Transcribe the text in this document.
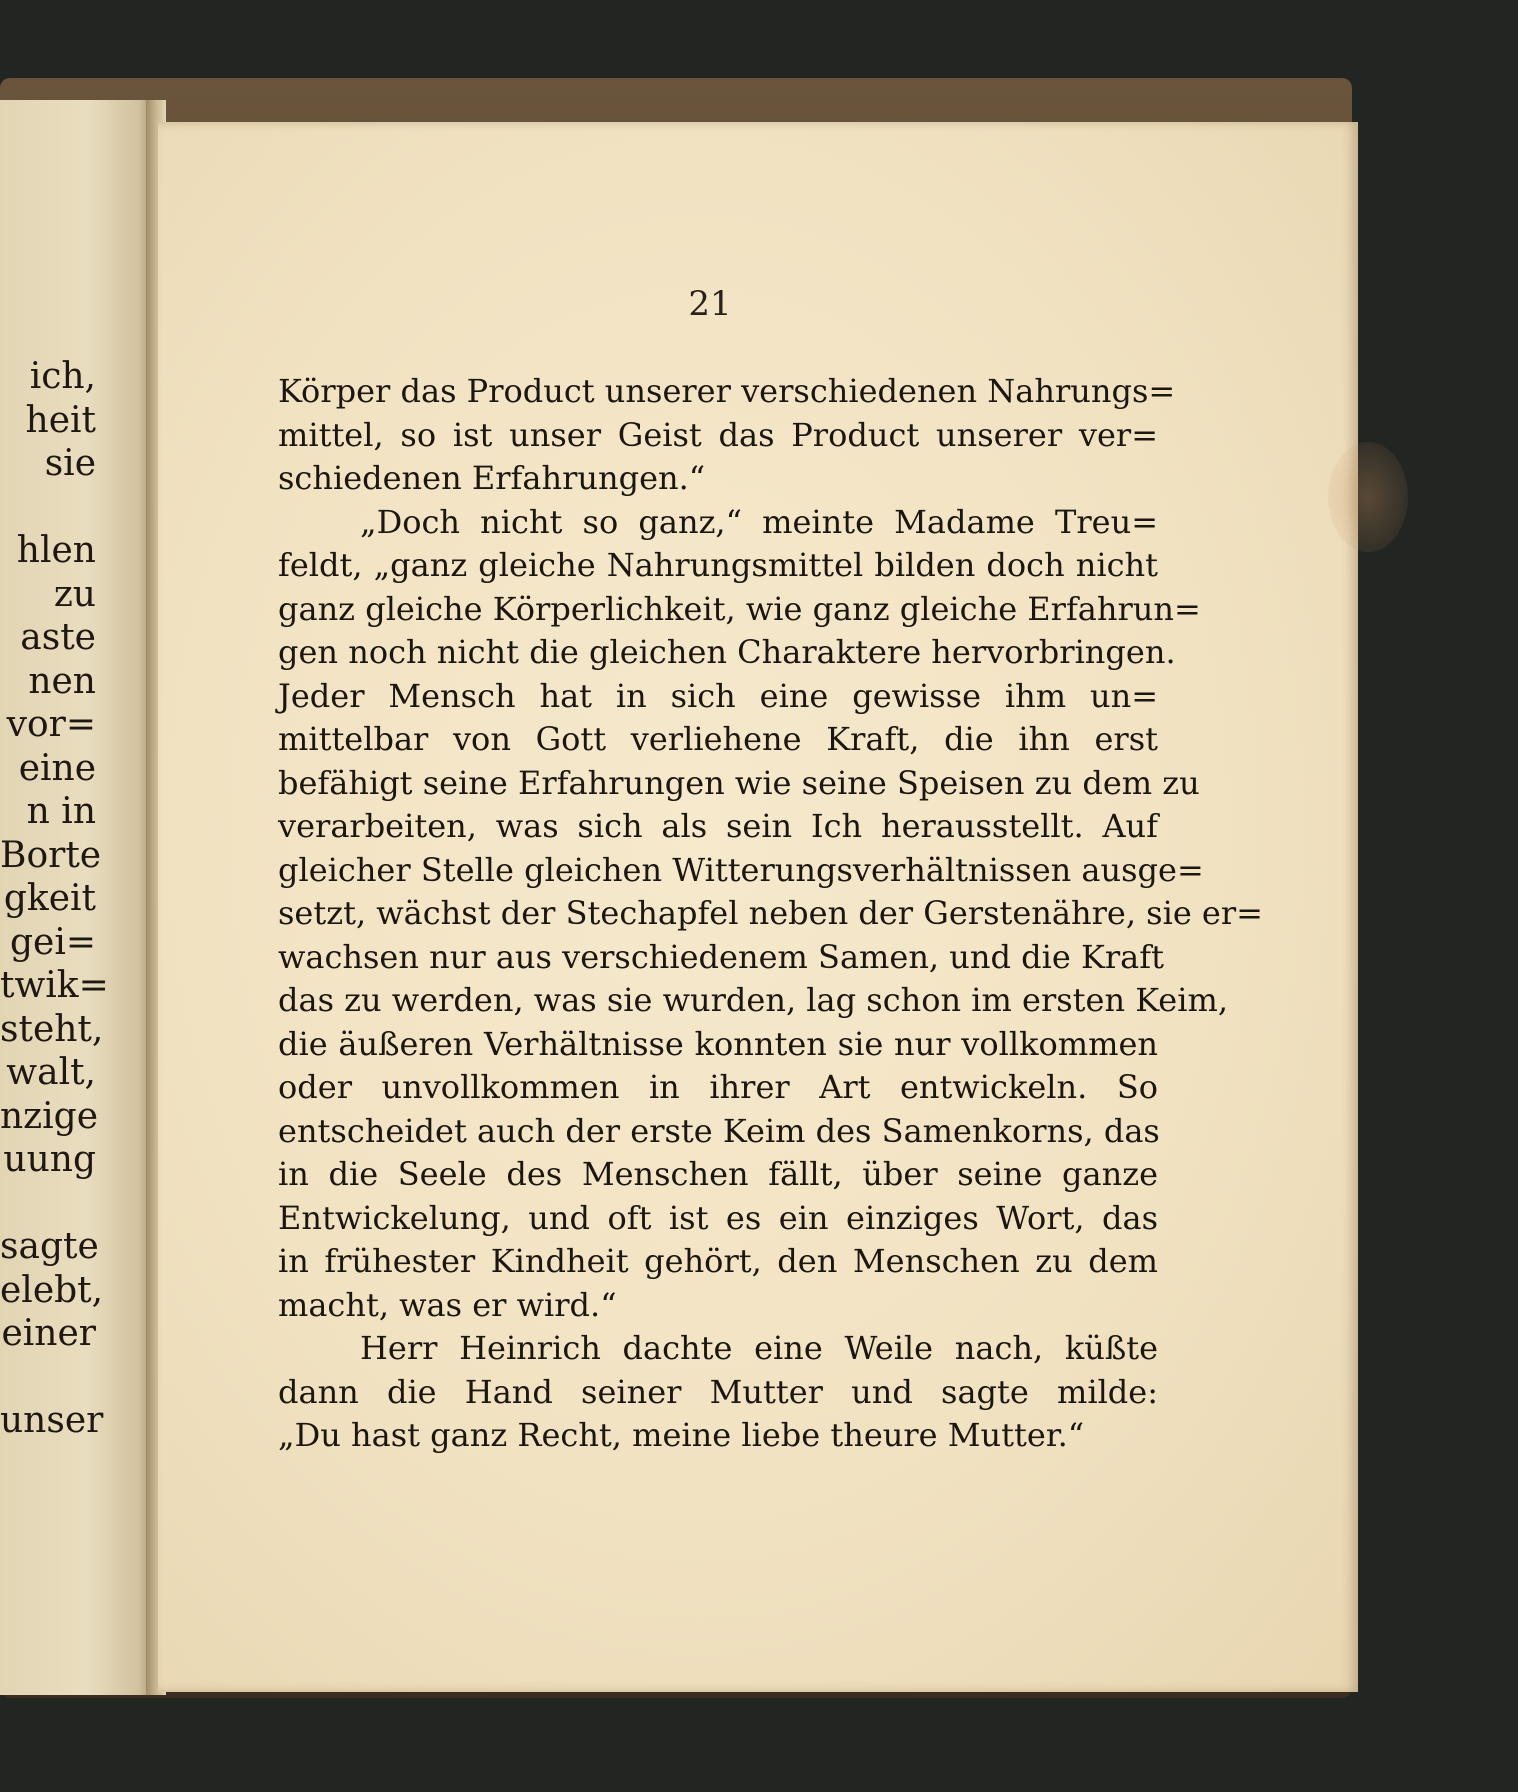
ich,
heit
sie
hlen
zu
aste
nen
vor=
eine
n in
Borte
gkeit
gei=
twik=
steht,
walt,
nzige
uung
sagte
elebt,
einer
unser
21
Körper das Product unserer verschiedenen Nahrungs=
mittel, so ist unser Geist das Product unserer ver=
schiedenen Erfahrungen.“
„Doch nicht so ganz,“ meinte Madame Treu=
feldt, „ganz gleiche Nahrungsmittel bilden doch nicht
ganz gleiche Körperlichkeit, wie ganz gleiche Erfahrun=
gen noch nicht die gleichen Charaktere hervorbringen.
Jeder Mensch hat in sich eine gewisse ihm un=
mittelbar von Gott verliehene Kraft, die ihn erst
befähigt seine Erfahrungen wie seine Speisen zu dem zu
verarbeiten, was sich als sein Ich herausstellt. Auf
gleicher Stelle gleichen Witterungsverhältnissen ausge=
setzt, wächst der Stechapfel neben der Gerstenähre, sie er=
wachsen nur aus verschiedenem Samen, und die Kraft
das zu werden, was sie wurden, lag schon im ersten Keim,
die äußeren Verhältnisse konnten sie nur vollkommen
oder unvollkommen in ihrer Art entwickeln. So
entscheidet auch der erste Keim des Samenkorns, das
in die Seele des Menschen fällt, über seine ganze
Entwickelung, und oft ist es ein einziges Wort, das
in frühester Kindheit gehört, den Menschen zu dem
macht, was er wird.“
Herr Heinrich dachte eine Weile nach, küßte
dann die Hand seiner Mutter und sagte milde:
„Du hast ganz Recht, meine liebe theure Mutter.“
